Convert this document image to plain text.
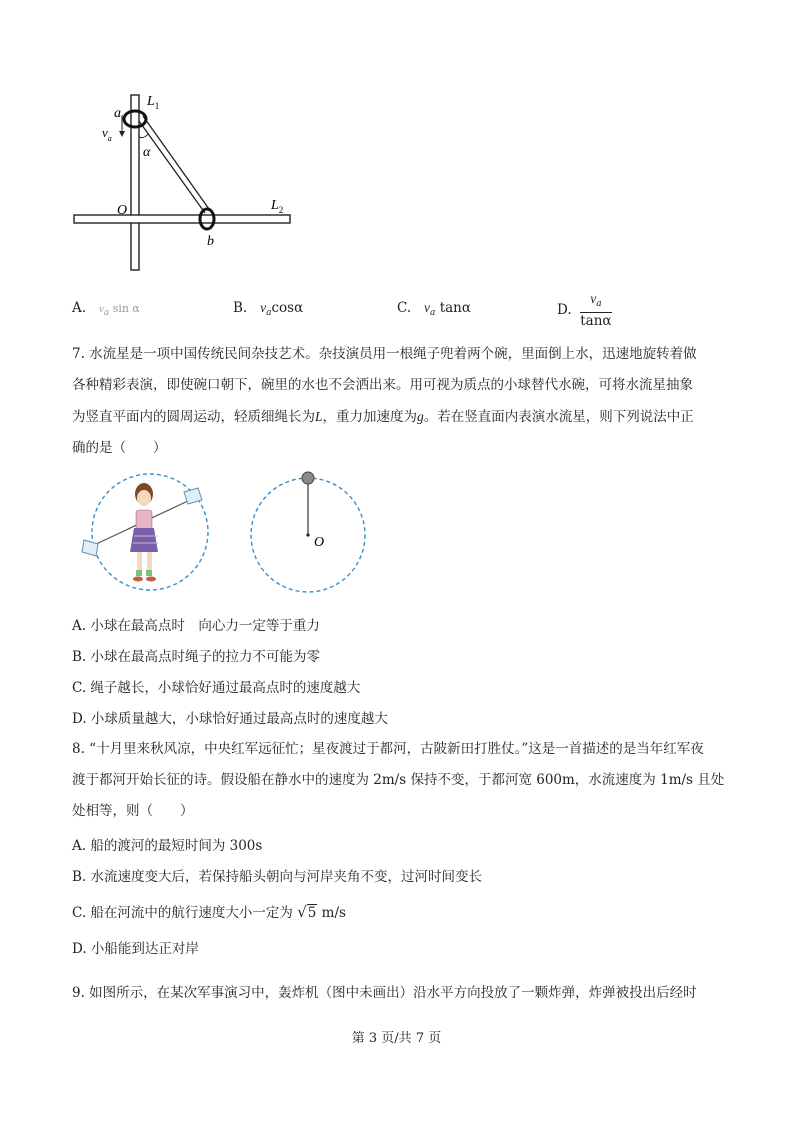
a
$L_1$
$v_a$
α
O	$L_2$
b
A. $v_a$ sin α	B. $v_a\cos\alpha$	C. $v_a$ tanα	D. $\frac{v_a}{\tan\alpha}$
7. 水流星是一项中国传统民间杂技艺术。杂技演员用一根绳子兜着两个碗，里面倒上水，迅速地旋转着做
各种精彩表演，即使碗口朝下，碗里的水也不会洒出来。用可视为质点的小球替代水碗，可将水流星抽象
为竖直平面内的圆周运动，轻质细绳长为L，重力加速度为g。若在竖直面内表演水流星，则下列说法中正
确的是（　　）
O
A. 小球在最高点时　向心力一定等于重力
B. 小球在最高点时绳子的拉力不可能为零
C. 绳子越长，小球恰好通过最高点时的速度越大
D. 小球质量越大，小球恰好通过最高点时的速度越大
8. “十月里来秋风凉，中央红军远征忙；星夜渡过于都河，古陂新田打胜仗。”这是一首描述的是当年红军夜
渡于都河开始长征的诗。假设船在静水中的速度为 2m/s 保持不变，于都河宽 600m，水流速度为 1m/s 且处
处相等，则（　　）
A. 船的渡河的最短时间为 300s
B. 水流速度变大后，若保持船头朝向与河岸夹角不变，过河时间变长
C. 船在河流中的航行速度大小一定为 √5 m/s
D. 小船能到达正对岸
9. 如图所示，在某次军事演习中，轰炸机（图中未画出）沿水平方向投放了一颗炸弹，炸弹被投出后经时
第 3 页/共 7 页
